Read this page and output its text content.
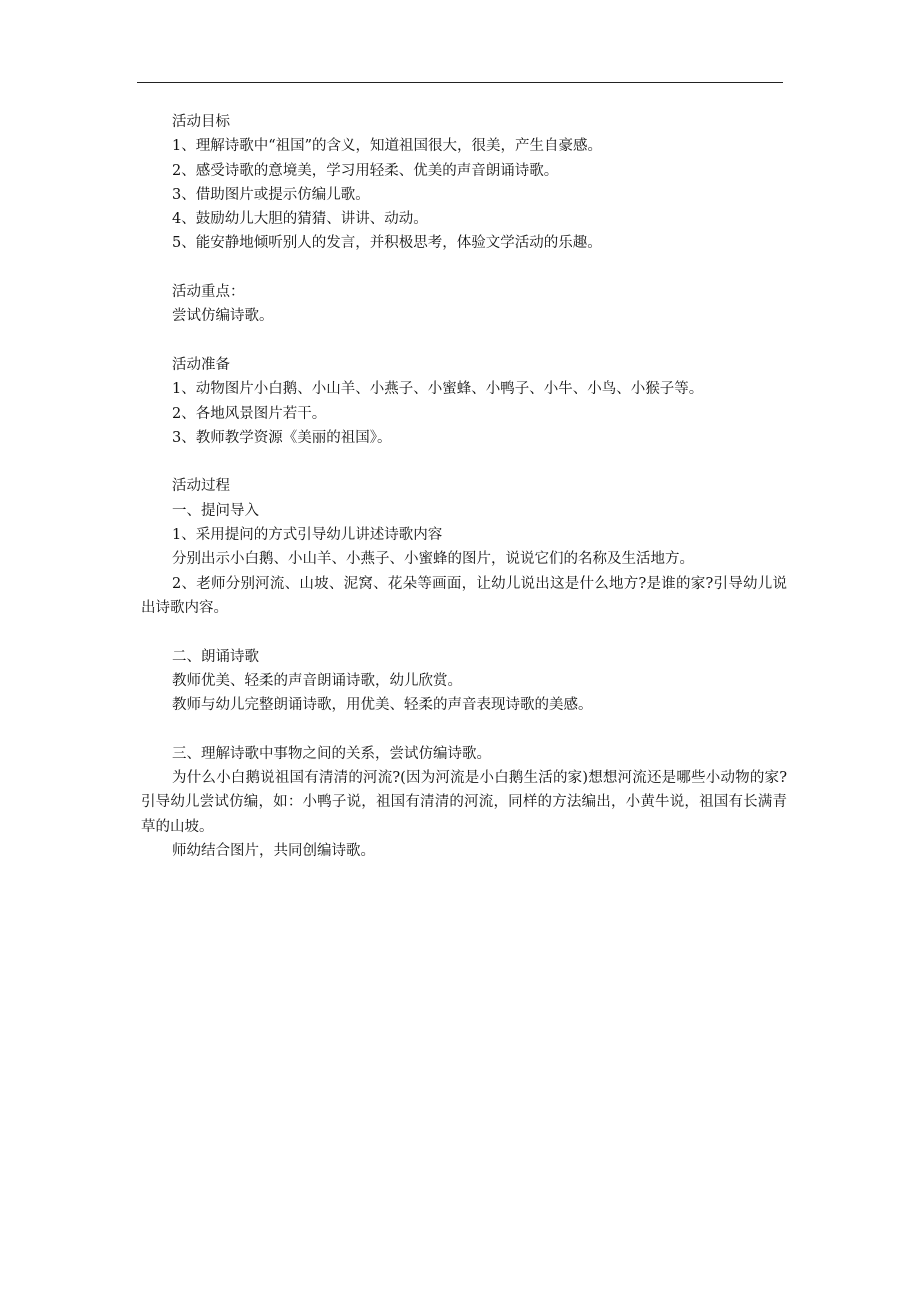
活动目标

1、理解诗歌中“祖国”的含义，知道祖国很大，很美，产生自豪感。

2、感受诗歌的意境美，学习用轻柔、优美的声音朗诵诗歌。

3、借助图片或提示仿编儿歌。

4、鼓励幼儿大胆的猜猜、讲讲、动动。

5、能安静地倾听别人的发言，并积极思考，体验文学活动的乐趣。

活动重点：

尝试仿编诗歌。

活动准备

1、动物图片小白鹅、小山羊、小燕子、小蜜蜂、小鸭子、小牛、小鸟、小猴子等。

2、各地风景图片若干。

3、教师教学资源《美丽的祖国》。

活动过程

一、提问导入

1、采用提问的方式引导幼儿讲述诗歌内容

分别出示小白鹅、小山羊、小燕子、小蜜蜂的图片，说说它们的名称及生活地方。

2、老师分别河流、山坡、泥窝、花朵等画面，让幼儿说出这是什么地方?是谁的家?引导幼儿说出诗歌内容。

二、朗诵诗歌

教师优美、轻柔的声音朗诵诗歌，幼儿欣赏。

教师与幼儿完整朗诵诗歌，用优美、轻柔的声音表现诗歌的美感。

三、理解诗歌中事物之间的关系，尝试仿编诗歌。

为什么小白鹅说祖国有清清的河流?(因为河流是小白鹅生活的家)想想河流还是哪些小动物的家?引导幼儿尝试仿编，如：小鸭子说，祖国有清清的河流，同样的方法编出，小黄牛说，祖国有长满青草的山坡。

师幼结合图片，共同创编诗歌。
